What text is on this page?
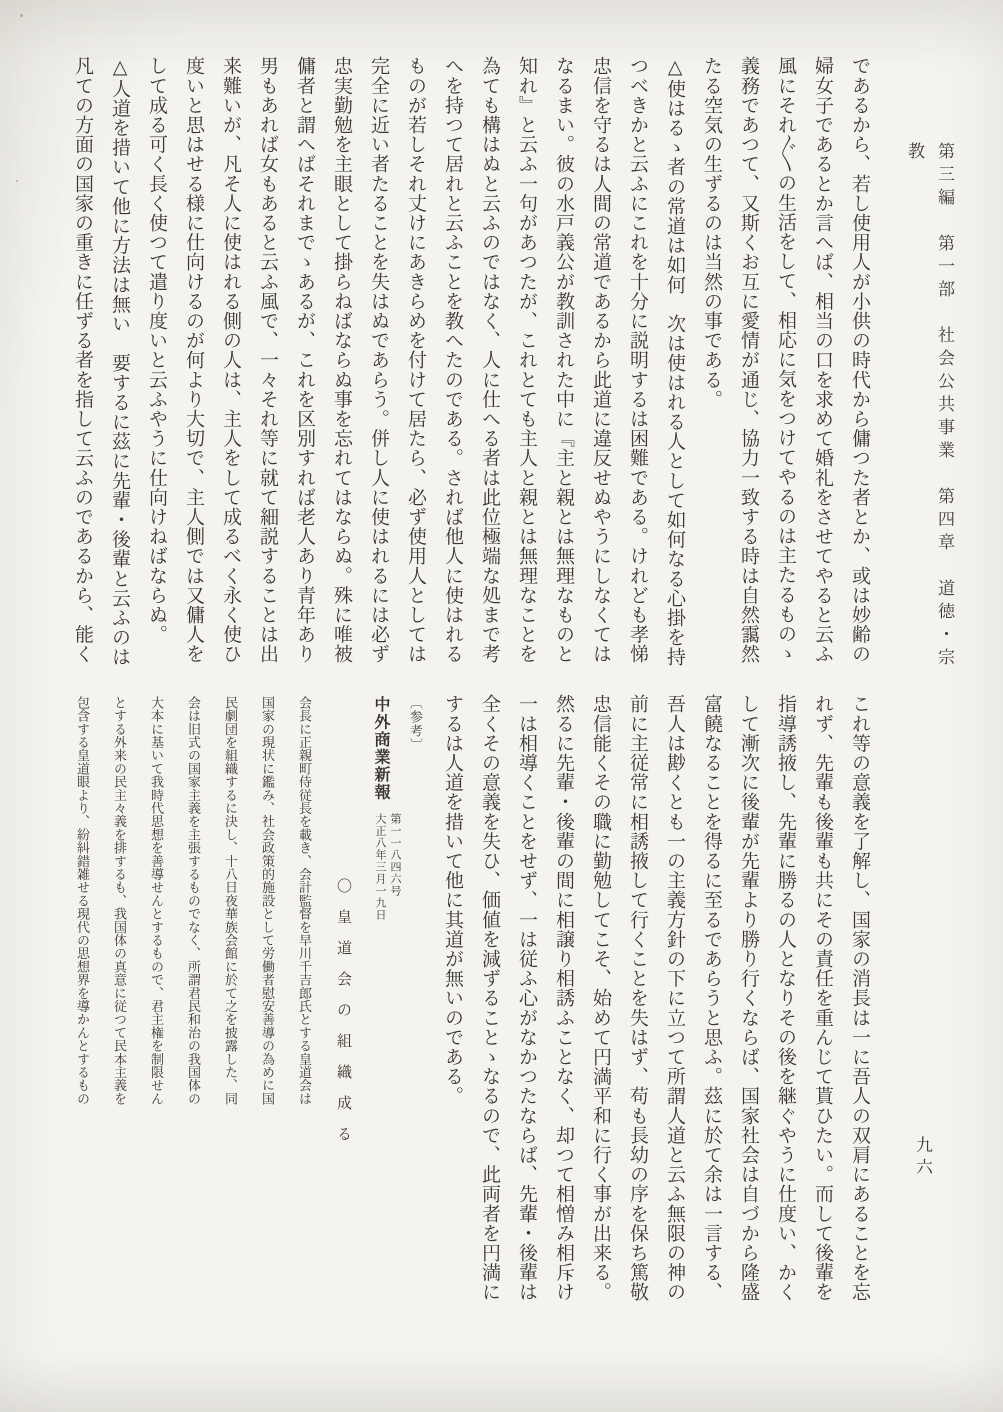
第三編　第一部　社会公共事業　第四章　道徳・宗教
九六
であるから、若し使用人が小供の時代から傭つた者とか、或は妙齢の
婦女子であるとか言へば、相当の口を求めて婚礼をさせてやると云ふ
風にそれ〴〵の生活をして、相応に気をつけてやるのは主たるものゝ
義務であつて、又斯くお互に愛情が通じ、協力一致する時は自然靄然
たる空気の生ずるのは当然の事である。
△使はるゝ者の常道は如何　次は使はれる人として如何なる心掛を持
つべきかと云ふにこれを十分に説明するは困難である。けれども孝悌
忠信を守るは人間の常道であるから此道に違反せぬやうにしなくては
なるまい。彼の水戸義公が教訓された中に『主と親とは無理なものと
知れ』と云ふ一句があつたが、これとても主人と親とは無理なことを
為ても構はぬと云ふのではなく、人に仕へる者は此位極端な処まで考
へを持つて居れと云ふことを教へたのである。されば他人に使はれる
ものが若しそれ丈けにあきらめを付けて居たら、必ず使用人としては
完全に近い者たることを失はぬであらう。併し人に使はれるには必ず
忠実勤勉を主眼として掛らねばならぬ事を忘れてはならぬ。殊に唯被
傭者と謂へばそれまでゝあるが、これを区別すれば老人あり青年あり
男もあれば女もあると云ふ風で、一々それ等に就て細説することは出
来難いが、凡そ人に使はれる側の人は、主人をして成るべく永く使ひ
度いと思はせる様に仕向けるのが何より大切で、主人側では又傭人を
して成る可く長く使つて遣り度いと云ふやうに仕向けねばならぬ。
△人道を措いて他に方法は無い　要するに茲に先輩・後輩と云ふのは
凡ての方面の国家の重きに任ずる者を指して云ふのであるから、能く
これ等の意義を了解し、国家の消長は一に吾人の双肩にあることを忘
れず、先輩も後輩も共にその責任を重んじて貰ひたい。而して後輩を
指導誘掖し、先輩に勝るの人となりその後を継ぐやうに仕度い、かく
して漸次に後輩が先輩より勝り行くならば、国家社会は自づから隆盛
富饒なることを得るに至るであらうと思ふ。茲に於て余は一言する、
吾人は尠くとも一の主義方針の下に立つて所謂人道と云ふ無限の神の
前に主従常に相誘掖して行くことを失はず、苟も長幼の序を保ち篤敬
忠信能くその職に勤勉してこそ、始めて円満平和に行く事が出来る。
然るに先輩・後輩の間に相譲り相誘ふことなく、却つて相憎み相斥け
一は相導くことをせず、一は従ふ心がなかつたならば、先輩・後輩は
全くその意義を失ひ、価値を減ずることゝなるので、此両者を円満に
するは人道を措いて他に其道が無いのである。
〔参考〕
中外商業新報
第一一八四六号
大正八年三月一九日
〇皇道会の組織成る
会長に正親町侍従長を載き、会計監督を早川千吉郎氏とする皇道会は
国家の現状に鑑み、社会政策的施設として労働者慰安善導の為めに国
民劇団を組織するに決し、十八日夜華族会館に於て之を披露した、同
会は旧式の国家主義を主張するものでなく、所謂君民和治の我国体の
大本に基いて我時代思想を善導せんとするもので、君主権を制限せん
とする外来の民主々義を排するも、我国体の真意に従つて民本主義を
包含する皇道眼より、紛糾錯雑せる現代の思想界を導かんとするもの
